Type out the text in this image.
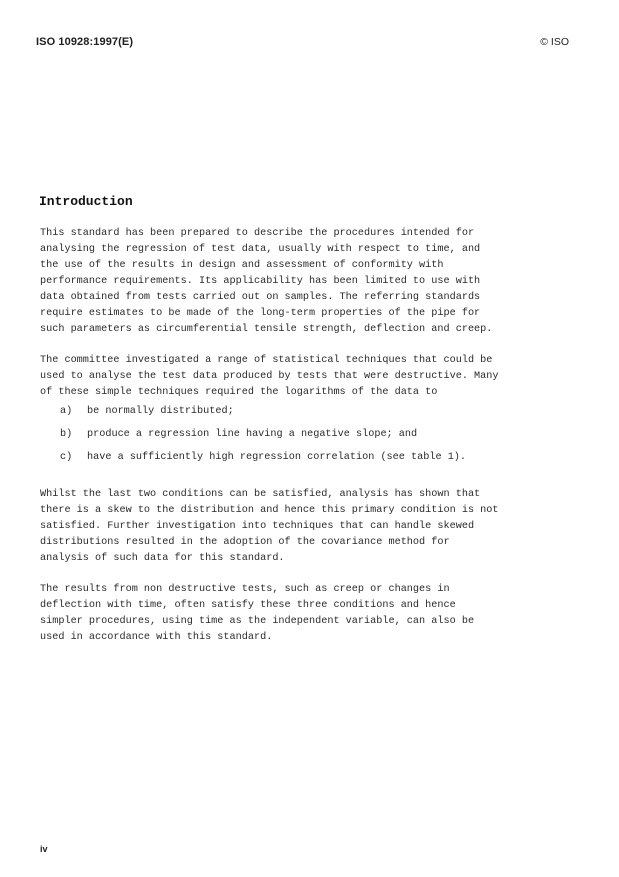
ISO 10928:1997(E)	© ISO
Introduction

This standard has been prepared to describe the procedures intended for
analysing the regression of test data, usually with respect to time, and
the use of the results in design and assessment of conformity with
performance requirements. Its applicability has been limited to use with
data obtained from tests carried out on samples. The referring standards
require estimates to be made of the long-term properties of the pipe for
such parameters as circumferential tensile strength, deflection and creep.

The committee investigated a range of statistical techniques that could be
used to analyse the test data produced by tests that were destructive. Many
of these simple techniques required the logarithms of the data to

a)	be normally distributed;
b)	produce a regression line having a negative slope; and
c)	have a sufficiently high regression correlation (see table 1).

Whilst the last two conditions can be satisfied, analysis has shown that
there is a skew to the distribution and hence this primary condition is not
satisfied. Further investigation into techniques that can handle skewed
distributions resulted in the adoption of the covariance method for
analysis of such data for this standard.

The results from non destructive tests, such as creep or changes in
deflection with time, often satisfy these three conditions and hence
simpler procedures, using time as the independent variable, can also be
used in accordance with this standard.

iv
